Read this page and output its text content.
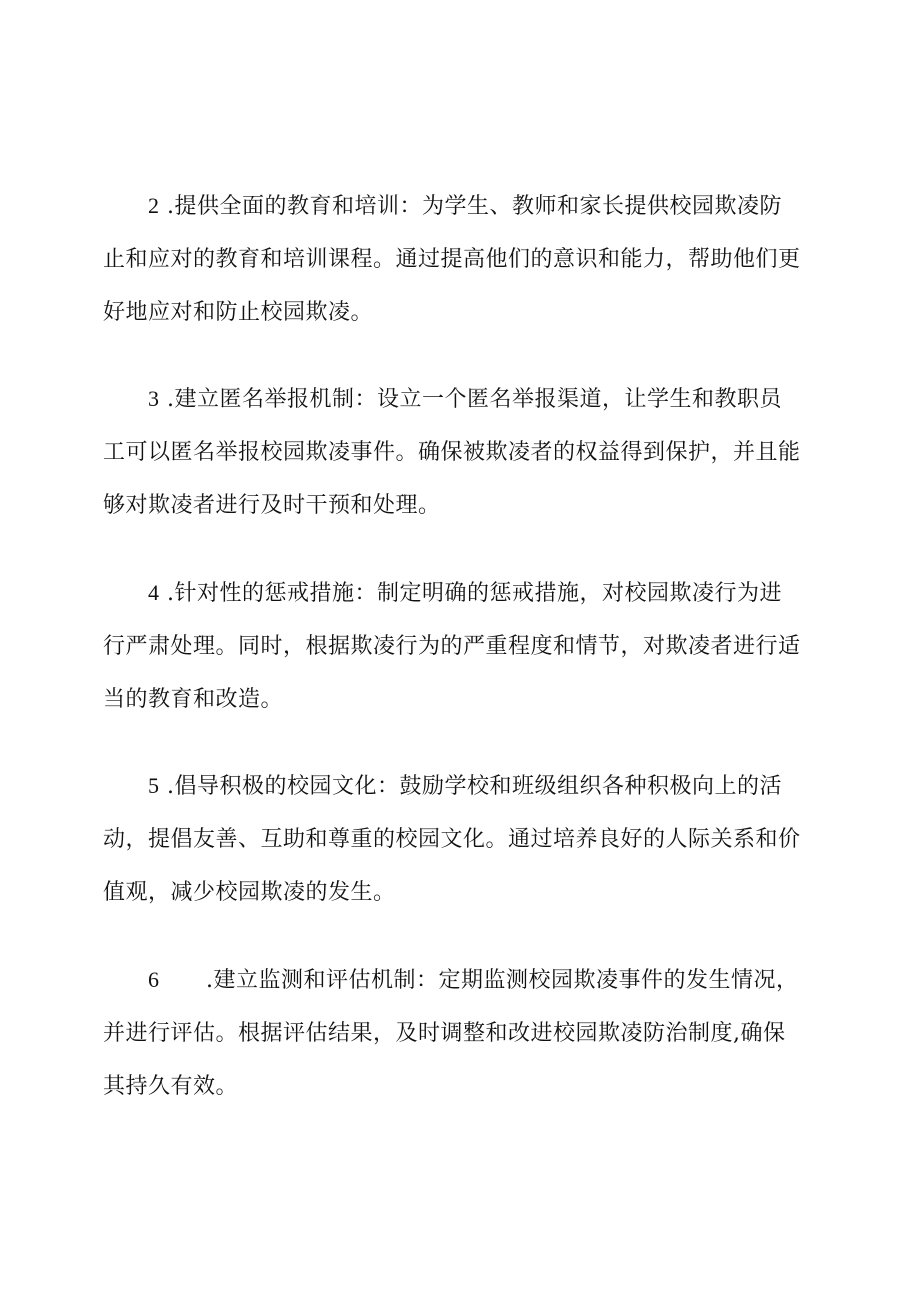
2 .提供全面的教育和培训：为学生、教师和家长提供校园欺凌防
止和应对的教育和培训课程。通过提高他们的意识和能力，帮助他们更
好地应对和防止校园欺凌。
3 .建立匿名举报机制：设立一个匿名举报渠道，让学生和教职员
工可以匿名举报校园欺凌事件。确保被欺凌者的权益得到保护，并且能
够对欺凌者进行及时干预和处理。
4 .针对性的惩戒措施：制定明确的惩戒措施，对校园欺凌行为进
行严肃处理。同时，根据欺凌行为的严重程度和情节，对欺凌者进行适
当的教育和改造。
5 .倡导积极的校园文化：鼓励学校和班级组织各种积极向上的活
动，提倡友善、互助和尊重的校园文化。通过培养良好的人际关系和价
值观，减少校园欺凌的发生。
6 .建立监测和评估机制：定期监测校园欺凌事件的发生情况，
并进行评估。根据评估结果，及时调整和改进校园欺凌防治制度,确保
其持久有效。
